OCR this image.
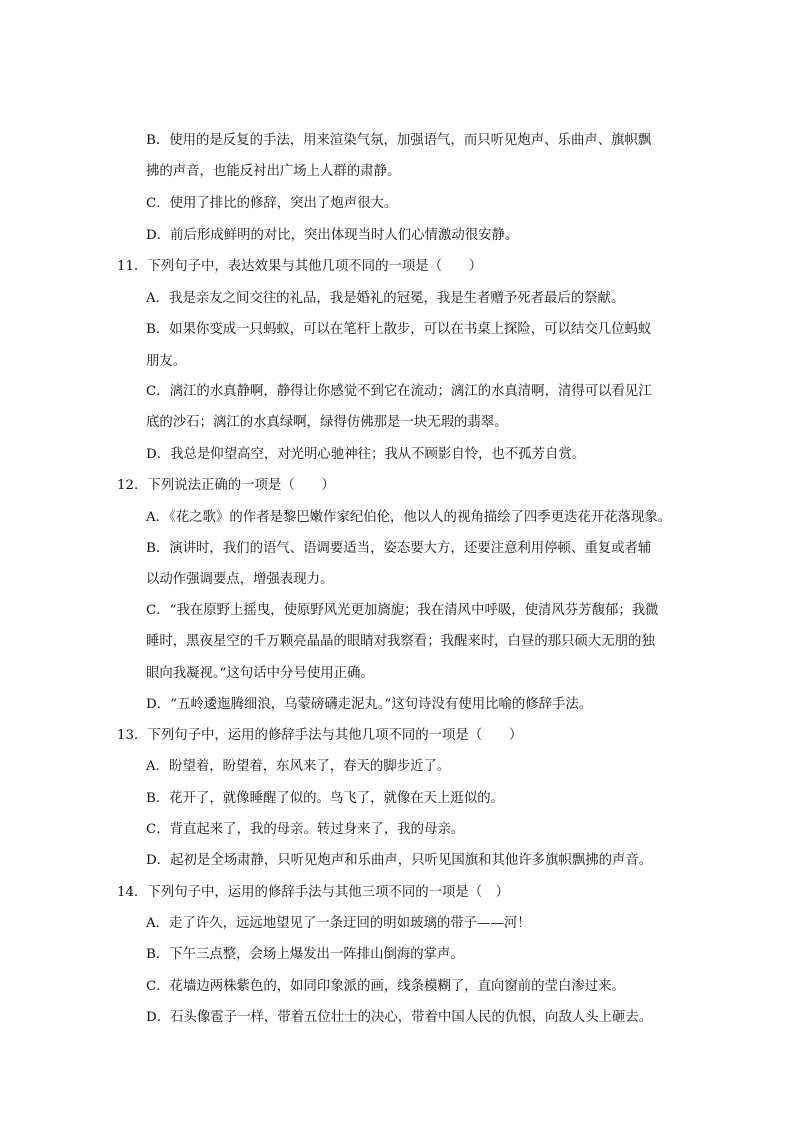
B．使用的是反复的手法，用来渲染气氛，加强语气，而只听见炮声、乐曲声、旗帜飘

拂的声音，也能反衬出广场上人群的肃静。

C．使用了排比的修辞，突出了炮声很大。

D．前后形成鲜明的对比，突出体现当时人们心情激动很安静。

11．下列句子中，表达效果与其他几项不同的一项是（　　）

A．我是亲友之间交往的礼品，我是婚礼的冠冕，我是生者赠予死者最后的祭献。

B．如果你变成一只蚂蚁，可以在笔杆上散步，可以在书桌上探险，可以结交几位蚂蚁

朋友。

C．漓江的水真静啊，静得让你感觉不到它在流动；漓江的水真清啊，清得可以看见江

底的沙石；漓江的水真绿啊，绿得仿佛那是一块无瑕的翡翠。

D．我总是仰望高空，对光明心驰神往；我从不顾影自怜，也不孤芳自赏。

12．下列说法正确的一项是（　　）

A．《花之歌》的作者是黎巴嫩作家纪伯伦，他以人的视角描绘了四季更迭花开花落现象。

B．演讲时，我们的语气、语调要适当，姿态要大方，还要注意利用停顿、重复或者辅

以动作强调要点，增强表现力。

C．“我在原野上摇曳，使原野风光更加旖旎；我在清风中呼吸，使清风芬芳馥郁；我微

睡时，黑夜星空的千万颗亮晶晶的眼睛对我察看；我醒来时，白昼的那只硕大无朋的独

眼向我凝视。”这句话中分号使用正确。

D．“五岭逶迤腾细浪，乌蒙磅礴走泥丸。”这句诗没有使用比喻的修辞手法。

13．下列句子中，运用的修辞手法与其他几项不同的一项是（　　）

A．盼望着，盼望着，东风来了，春天的脚步近了。

B．花开了，就像睡醒了似的。鸟飞了，就像在天上逛似的。

C．背直起来了，我的母亲。转过身来了，我的母亲。

D．起初是全场肃静，只听见炮声和乐曲声，只听见国旗和其他许多旗帜飘拂的声音。

14．下列句子中，运用的修辞手法与其他三项不同的一项是（　）

A．走了许久，远远地望见了一条迂回的明如玻璃的带子——河！

B．下午三点整，会场上爆发出一阵排山倒海的掌声。

C．花墙边两株紫色的，如同印象派的画，线条模糊了，直向窗前的莹白渗过来。

D．石头像雹子一样，带着五位壮士的决心，带着中国人民的仇恨，向敌人头上砸去。
